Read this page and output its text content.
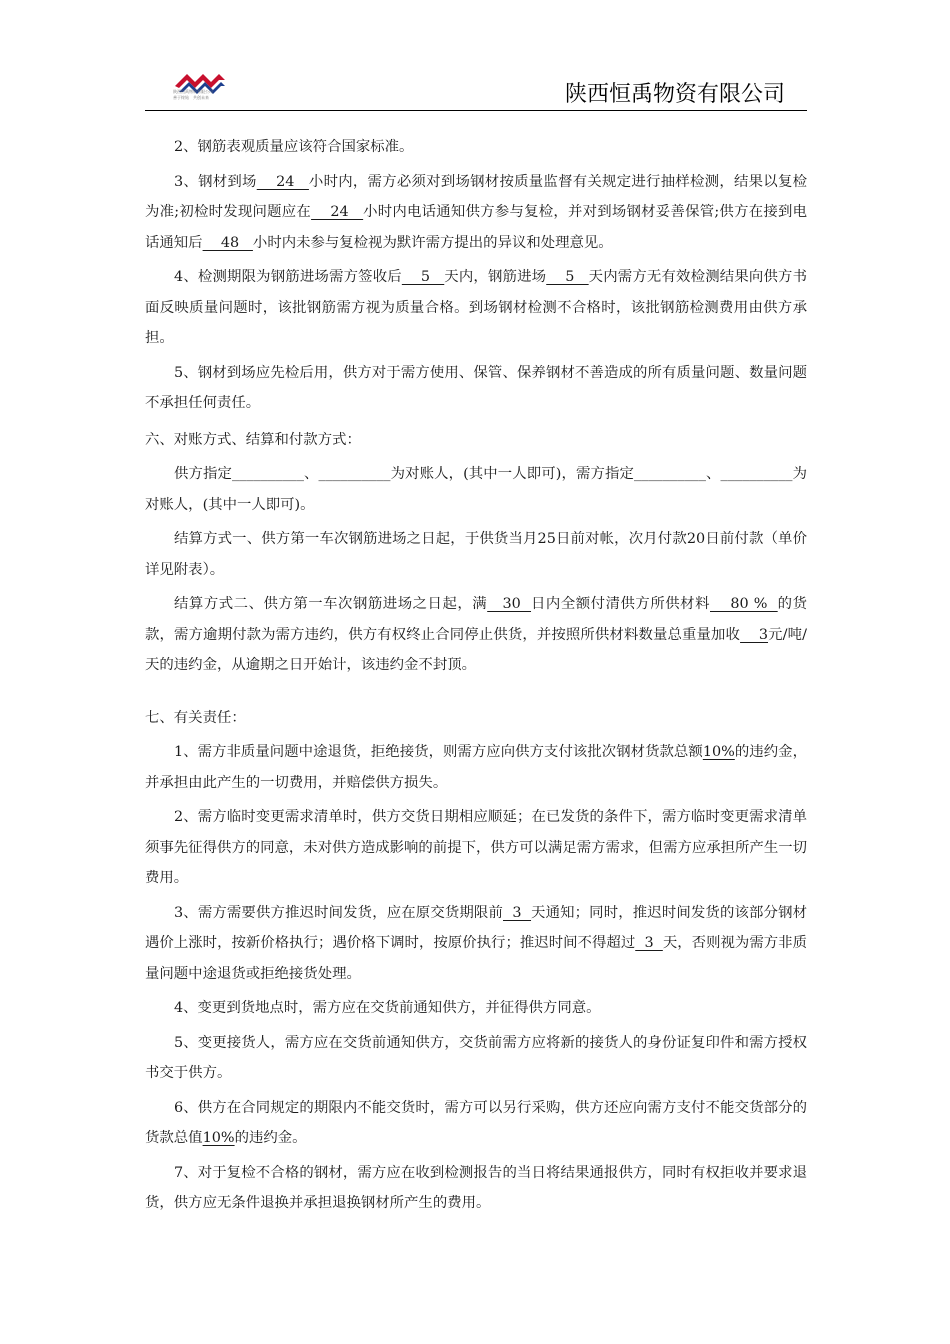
陕西恒禹物资有限公司
善于终始　共创未来	陕西恒禹物资有限公司

2、钢筋表观质量应该符合国家标准。

3、钢材到场    24   小时内，需方必须对到场钢材按质量监督有关规定进行抽样检测，结果以复检为准;初检时发现问题应在    24   小时内电话通知供方参与复检，并对到场钢材妥善保管;供方在接到电话通知后    48   小时内未参与复检视为默许需方提出的异议和处理意见。

4、检测期限为钢筋进场需方签收后    5   天内，钢筋进场    5   天内需方无有效检测结果向供方书面反映质量问题时，该批钢筋需方视为质量合格。到场钢材检测不合格时，该批钢筋检测费用由供方承担。

5、钢材到场应先检后用，供方对于需方使用、保管、保养钢材不善造成的所有质量问题、数量问题不承担任何责任。

六、对账方式、结算和付款方式：

供方指定__________、__________为对账人，(其中一人即可)，需方指定__________、__________为对账人，(其中一人即可)。

结算方式一、供方第一车次钢筋进场之日起，于供货当月25日前对帐，次月付款20日前付款（单价详见附表）。

结算方式二、供方第一车次钢筋进场之日起，满   30  日内全额付清供方所供材料    80 %  的货款，需方逾期付款为需方违约，供方有权终止合同停止供货，并按照所供材料数量总重量加收    3元/吨/天的违约金，从逾期之日开始计，该违约金不封顶。

七、有关责任：

1、需方非质量问题中途退货，拒绝接货，则需方应向供方支付该批次钢材货款总额10%的违约金，并承担由此产生的一切费用，并赔偿供方损失。

2、需方临时变更需求清单时，供方交货日期相应顺延；在已发货的条件下，需方临时变更需求清单须事先征得供方的同意，未对供方造成影响的前提下，供方可以满足需方需求，但需方应承担所产生一切费用。

3、需方需要供方推迟时间发货，应在原交货期限前  3  天通知；同时，推迟时间发货的该部分钢材遇价上涨时，按新价格执行；遇价格下调时，按原价执行；推迟时间不得超过  3  天，否则视为需方非质量问题中途退货或拒绝接货处理。

4、变更到货地点时，需方应在交货前通知供方，并征得供方同意。

5、变更接货人，需方应在交货前通知供方，交货前需方应将新的接货人的身份证复印件和需方授权书交于供方。

6、供方在合同规定的期限内不能交货时，需方可以另行采购，供方还应向需方支付不能交货部分的货款总值10%的违约金。

7、对于复检不合格的钢材，需方应在收到检测报告的当日将结果通报供方，同时有权拒收并要求退货，供方应无条件退换并承担退换钢材所产生的费用。
